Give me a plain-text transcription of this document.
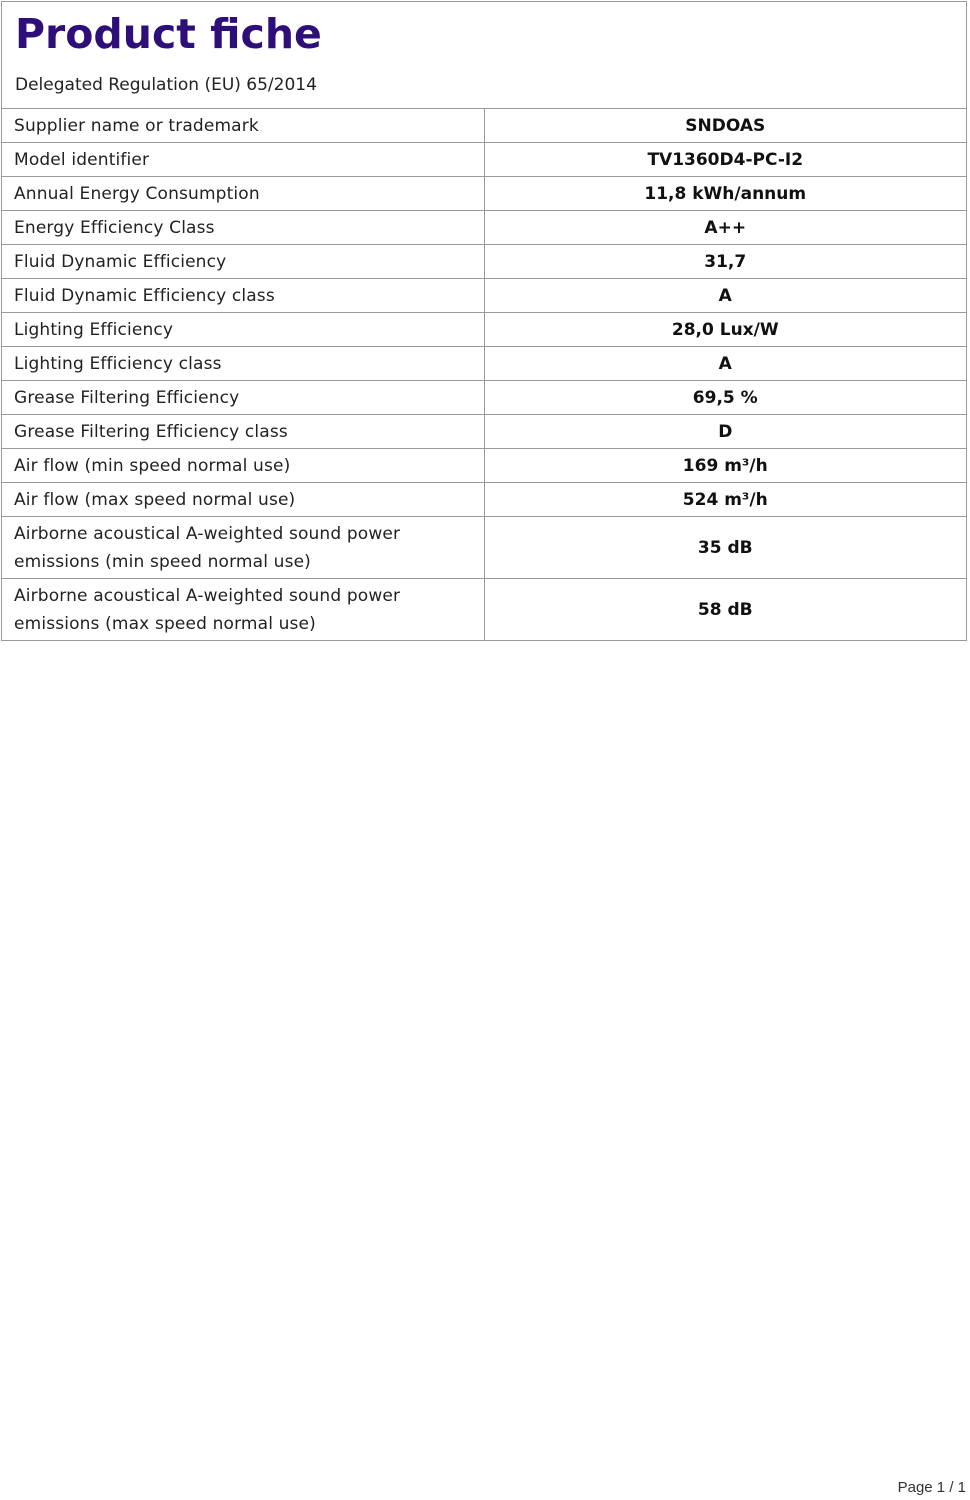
Product fiche

Delegated Regulation (EU) 65/2014

Supplier name or trademark	SNDOAS
Model identifier	TV1360D4-PC-I2
Annual Energy Consumption	11,8 kWh/annum
Energy Efficiency Class	A++
Fluid Dynamic Efficiency	31,7
Fluid Dynamic Efficiency class	A
Lighting Efficiency	28,0 Lux/W
Lighting Efficiency class	A
Grease Filtering Efficiency	69,5 %
Grease Filtering Efficiency class	D
Air flow (min speed normal use)	169 m³/h
Air flow (max speed normal use)	524 m³/h
Airborne acoustical A-weighted sound power emissions (min speed normal use)	35 dB
Airborne acoustical A-weighted sound power emissions (max speed normal use)	58 dB
Page 1 / 1
